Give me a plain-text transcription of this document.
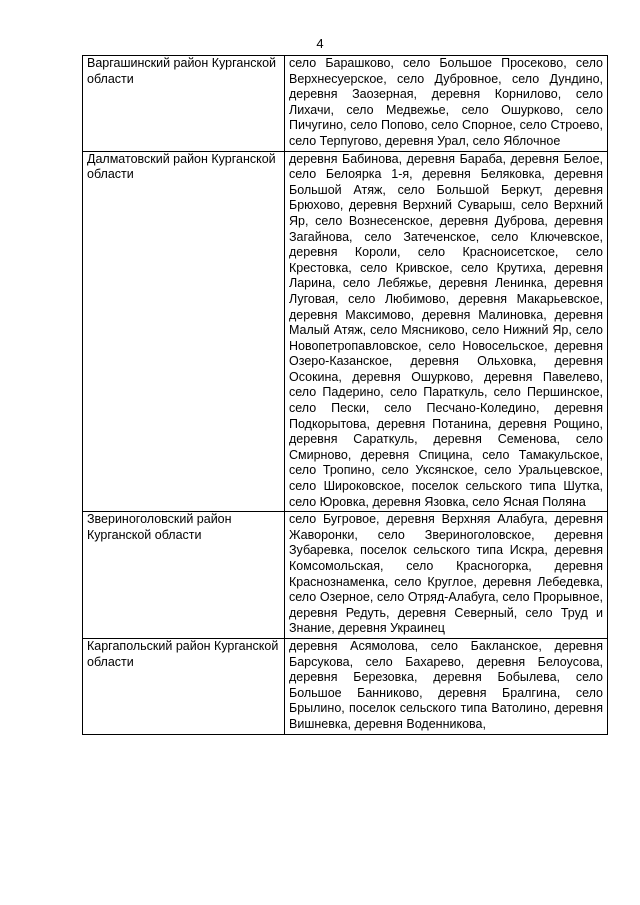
4
Варгашинский район Курганской области	село Барашково, село Большое Просеково, село Верхнесуерское, село Дубровное, село Дундино, деревня Заозерная, деревня Корнилово, село Лихачи, село Медвежье, село Ошурково, село Пичугино, село Попово, село Спорное, село Строево, село Терпугово, деревня Урал, село Яблочное
Далматовский район Курганской области	деревня Бабинова, деревня Бараба, деревня Белое, село Белоярка 1-я, деревня Беляковка, деревня Большой Атяж, село Большой Беркут, деревня Брюхово, деревня Верхний Суварыш, село Верхний Яр, село Вознесенское, деревня Дуброва, деревня Загайнова, село Затеченское, село Ключевское, деревня Короли, село Красноисетское, село Крестовка, село Кривское, село Крутиха, деревня Ларина, село Лебяжье, деревня Ленинка, деревня Луговая, село Любимово, деревня Макарьевское, деревня Максимово, деревня Малиновка, деревня Малый Атяж, село Мясниково, село Нижний Яр, село Новопетропавловское, село Новосельское, деревня Озеро-Казанское, деревня Ольховка, деревня Осокина, деревня Ошурково, деревня Павелево, село Падерино, село Параткуль, село Першинское, село Пески, село Песчано-Коледино, деревня Подкорытова, деревня Потанина, деревня Рощино, деревня Сараткуль, деревня Семенова, село Смирново, деревня Спицина, село Тамакульское, село Тропино, село Уксянское, село Уральцевское, село Широковское, поселок сельского типа Шутка, село Юровка, деревня Язовка, село Ясная Поляна
Звериноголовский район Курганской области	село Бугровое, деревня Верхняя Алабуга, деревня Жаворонки, село Звериноголовское, деревня Зубаревка, поселок сельского типа Искра, деревня Комсомольская, село Красногорка, деревня Краснознаменка, село Круглое, деревня Лебедевка, село Озерное, село Отряд-Алабуга, село Прорывное, деревня Редуть, деревня Северный, село Труд и Знание, деревня Украинец
Каргапольский район Курганской области	деревня Асямолова, село Бакланское, деревня Барсукова, село Бахарево, деревня Белоусова, деревня Березовка, деревня Бобылева, село Большое Банниково, деревня Бралгина, село Брылино, поселок сельского типа Ватолино, деревня Вишневка, деревня Воденникова,
